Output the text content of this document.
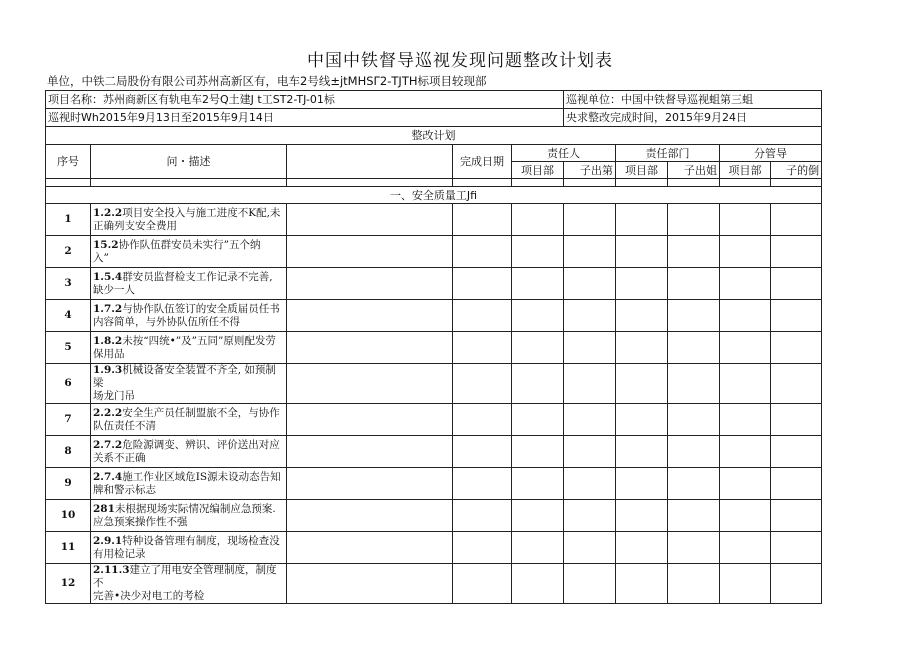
中国中铁督导巡视发现问题整改计划表
单位，中铁二局股份有限公司苏州高新区有，电车2号线±jtMHSΓ2-TJTH标项目较现部
项目名称：苏州商新区有轨电车2号Q土建J t工ST2-TJ-01标					巡视单位：中国中铁督导巡视蛆第三蛆				
巡视时Wh2015年9月13日至2015年9月14日					央求整改完成时间，2015年9月24日				
整改计划									
序号	问・描述		完成日期	责任人		责任部门		分管导	
				项目部	子出第	项目部	子出姐	项目部	子的倒

一、安全质量工Jfi									
1	1.2.2项目安全投入与施工进度不K配,未
正确列支安全费用								
2	15.2协作队伍群安员未实行”五个纳
入”								
3	1.5.4群安员监督检支工作记录不完善,
缺少一人								
4	1.7.2与协作队伍签订的安全质届员任书
内容简单，与外协队伍所任不得								
5	1.8.2未按“四统•”及”五同”原则配发劳
保用品								
6	1.9.3机械设备安全装置不齐全, 如预制梁
场龙门吊								
7	2.2.2安全生产员任制盟旅不全，与协作
队伍责任不清								
8	2.7.2危险源调变、辨识、评价送出对应
关系不正确								
9	2.7.4施工作业区域危IS源未设动态告知
牌和警示标志								
10	281未根据现场实际情况编制应急预案.
应急预案操作性不强								
11	2.9.1特种设备管理有制度，现场检查没
有用检记录								
12	2.11.3建立了用电安全管理制度，制度不
完善•决少对电工的考检								
